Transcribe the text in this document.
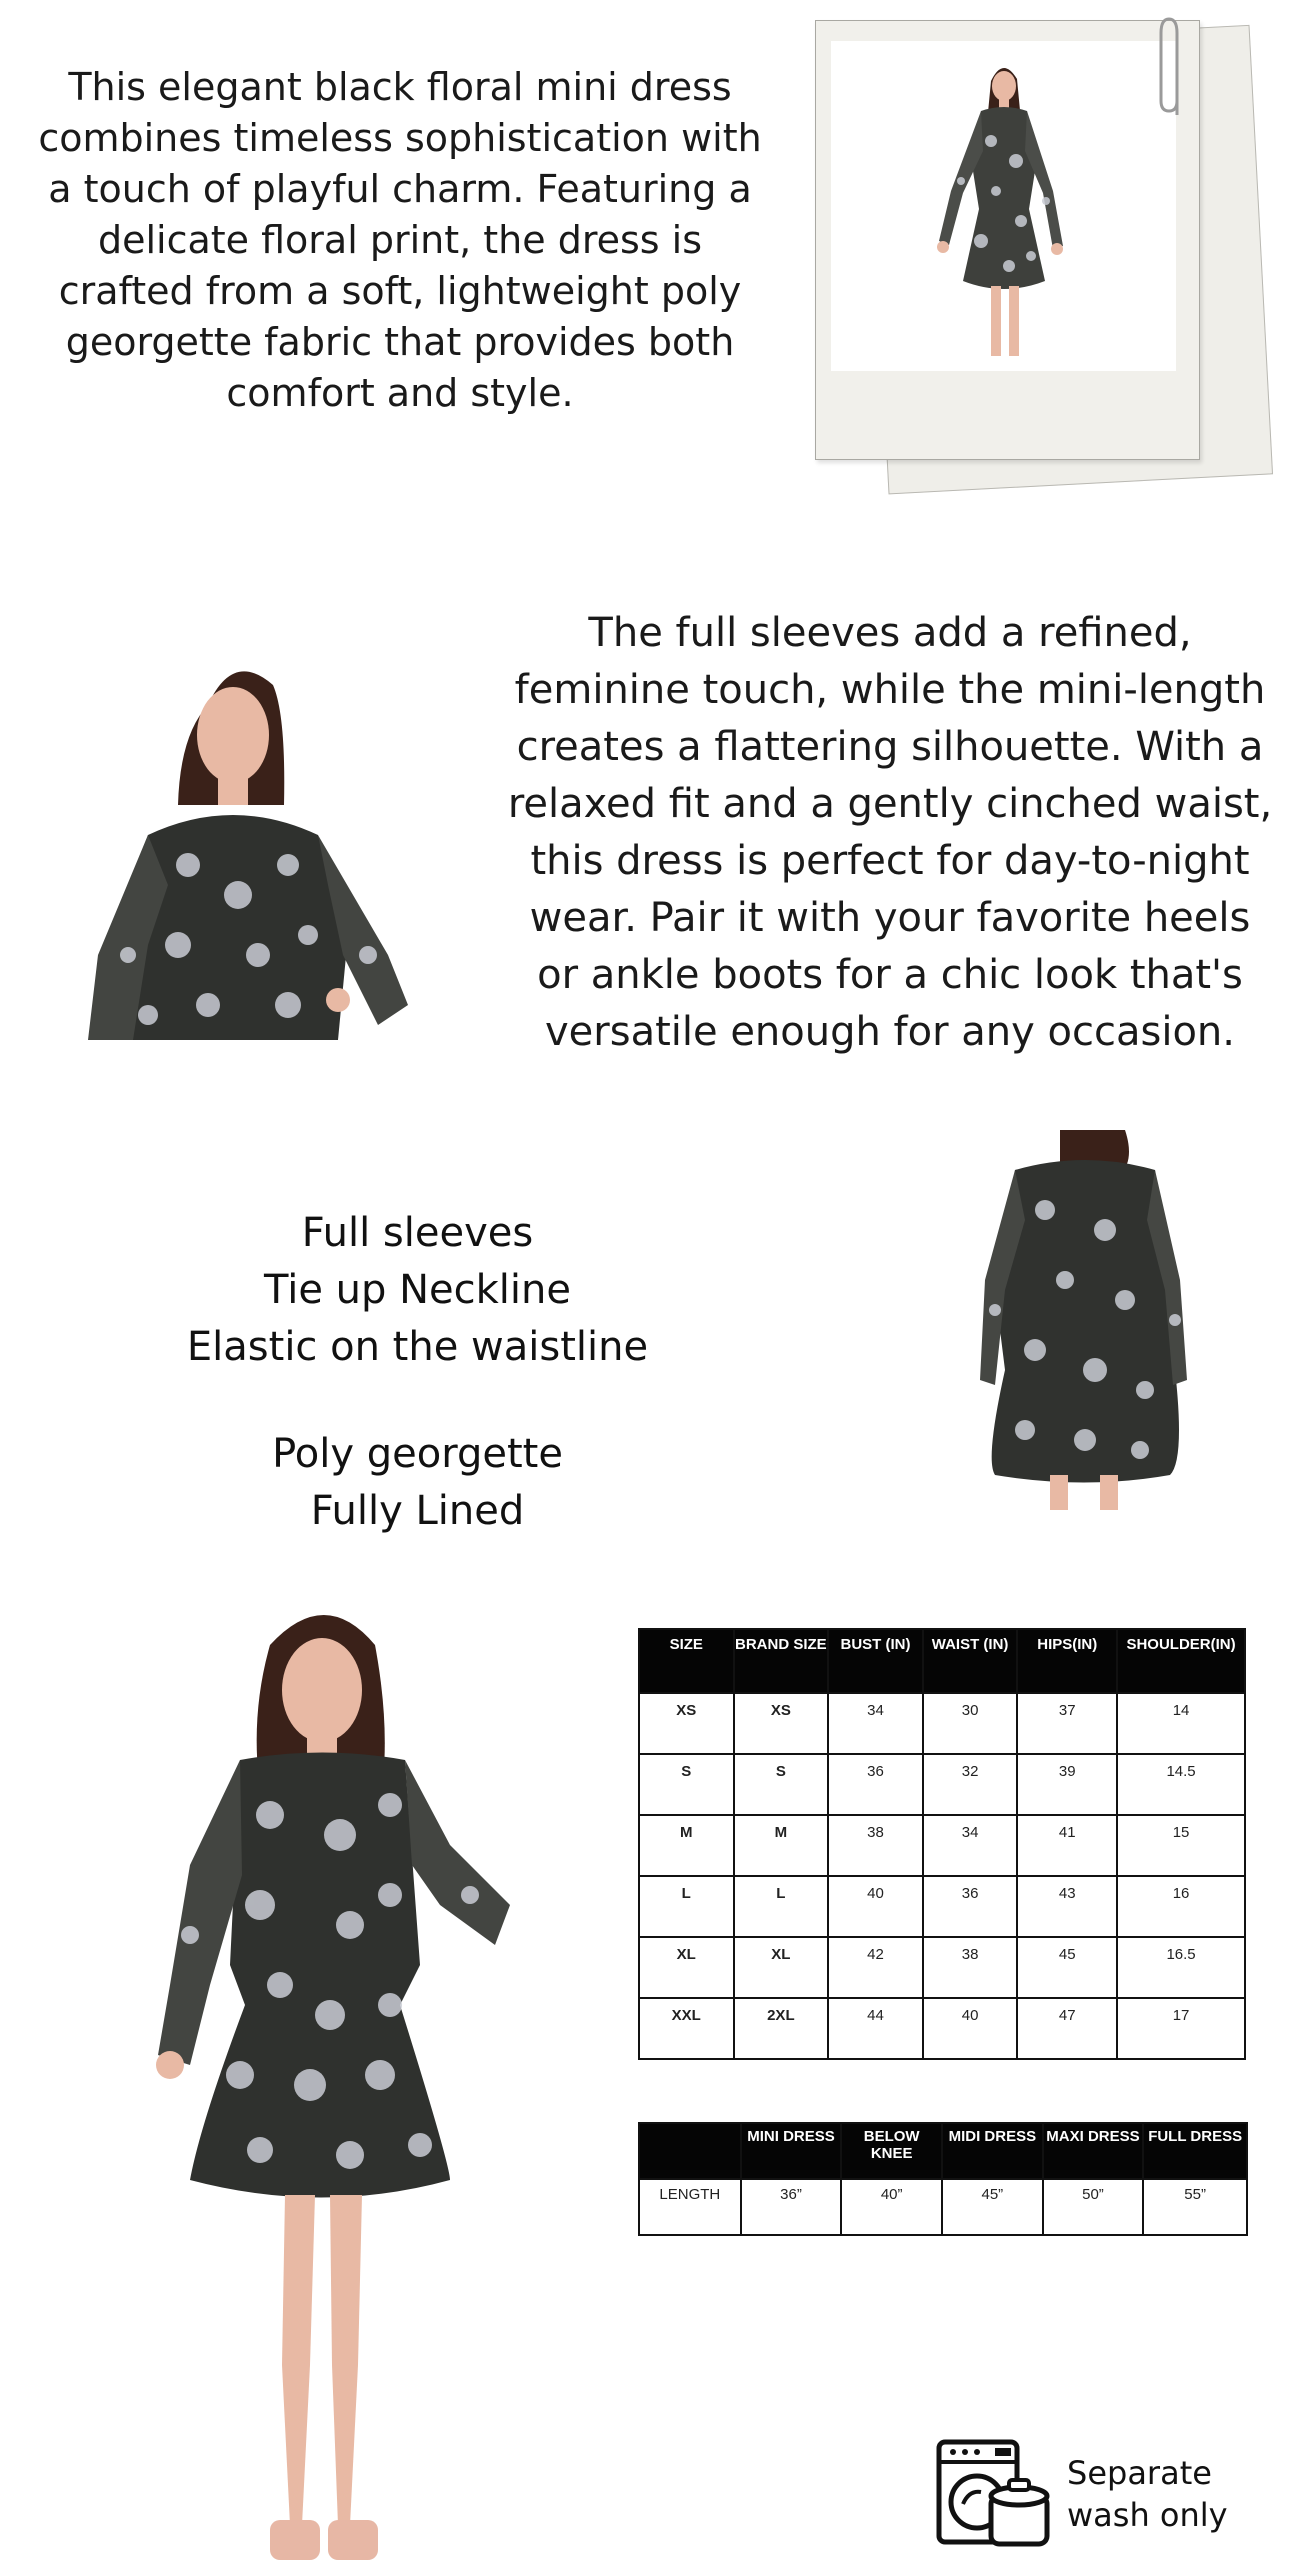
This elegant black floral mini dress combines timeless sophistication with a touch of playful charm. Featuring a delicate floral print, the dress is crafted from a soft, lightweight poly georgette fabric that provides both comfort and style.

The full sleeves add a refined, feminine touch, while the mini-length creates a flattering silhouette. With a relaxed fit and a gently cinched waist, this dress is perfect for day-to-night wear. Pair it with your favorite heels or ankle boots for a chic look that's versatile enough for any occasion.

Full sleeves
Tie up Neckline
Elastic on the waistline
Poly georgette
Fully Lined
SIZE	BRAND SIZE	BUST (IN)	WAIST (IN)	HIPS(IN)	SHOULDER(IN)
XS	XS	34	30	37	14
S	S	36	32	39	14.5
M	M	38	34	41	15
L	L	40	36	43	16
XL	XL	42	38	45	16.5
XXL	2XL	44	40	47	17
	MINI DRESS	BELOW KNEE	MIDI DRESS	MAXI DRESS	FULL DRESS
LENGTH	36”	40”	45”	50”	55”
Separate
wash only
